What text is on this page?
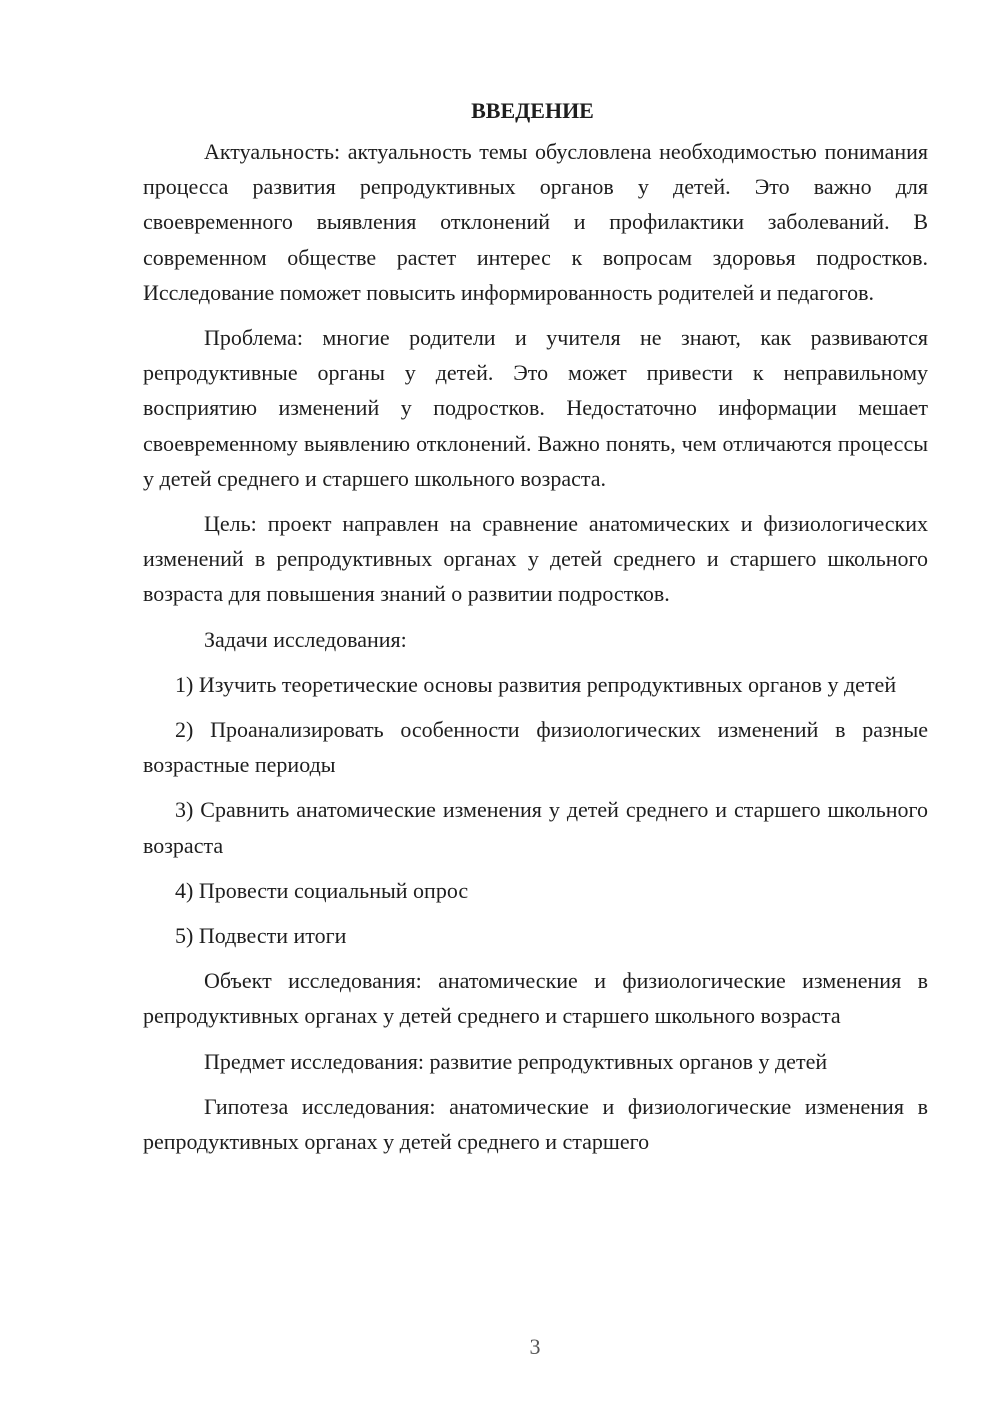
ВВЕДЕНИЕ

Актуальность: актуальность темы обусловлена необходимостью понимания процесса развития репродуктивных органов у детей. Это важно для своевременного выявления отклонений и профилактики заболеваний. В современном обществе растет интерес к вопросам здоровья подростков. Исследование поможет повысить информированность родителей и педагогов.

Проблема: многие родители и учителя не знают, как развиваются репродуктивные органы у детей. Это может привести к неправильному восприятию изменений у подростков. Недостаточно информации мешает своевременному выявлению отклонений. Важно понять, чем отличаются процессы у детей среднего и старшего школьного возраста.

Цель: проект направлен на сравнение анатомических и физиологических изменений в репродуктивных органах у детей среднего и старшего школьного возраста для повышения знаний о развитии подростков.

Задачи исследования:

1) Изучить теоретические основы развития репродуктивных органов у детей

2) Проанализировать особенности физиологических изменений в разные возрастные периоды

3) Сравнить анатомические изменения у детей среднего и старшего школьного возраста

4) Провести социальный опрос

5) Подвести итоги

Объект исследования: анатомические и физиологические изменения в репродуктивных органах у детей среднего и старшего школьного возраста

Предмет исследования: развитие репродуктивных органов у детей

Гипотеза исследования: анатомические и физиологические изменения в репродуктивных органах у детей среднего и старшего

3
